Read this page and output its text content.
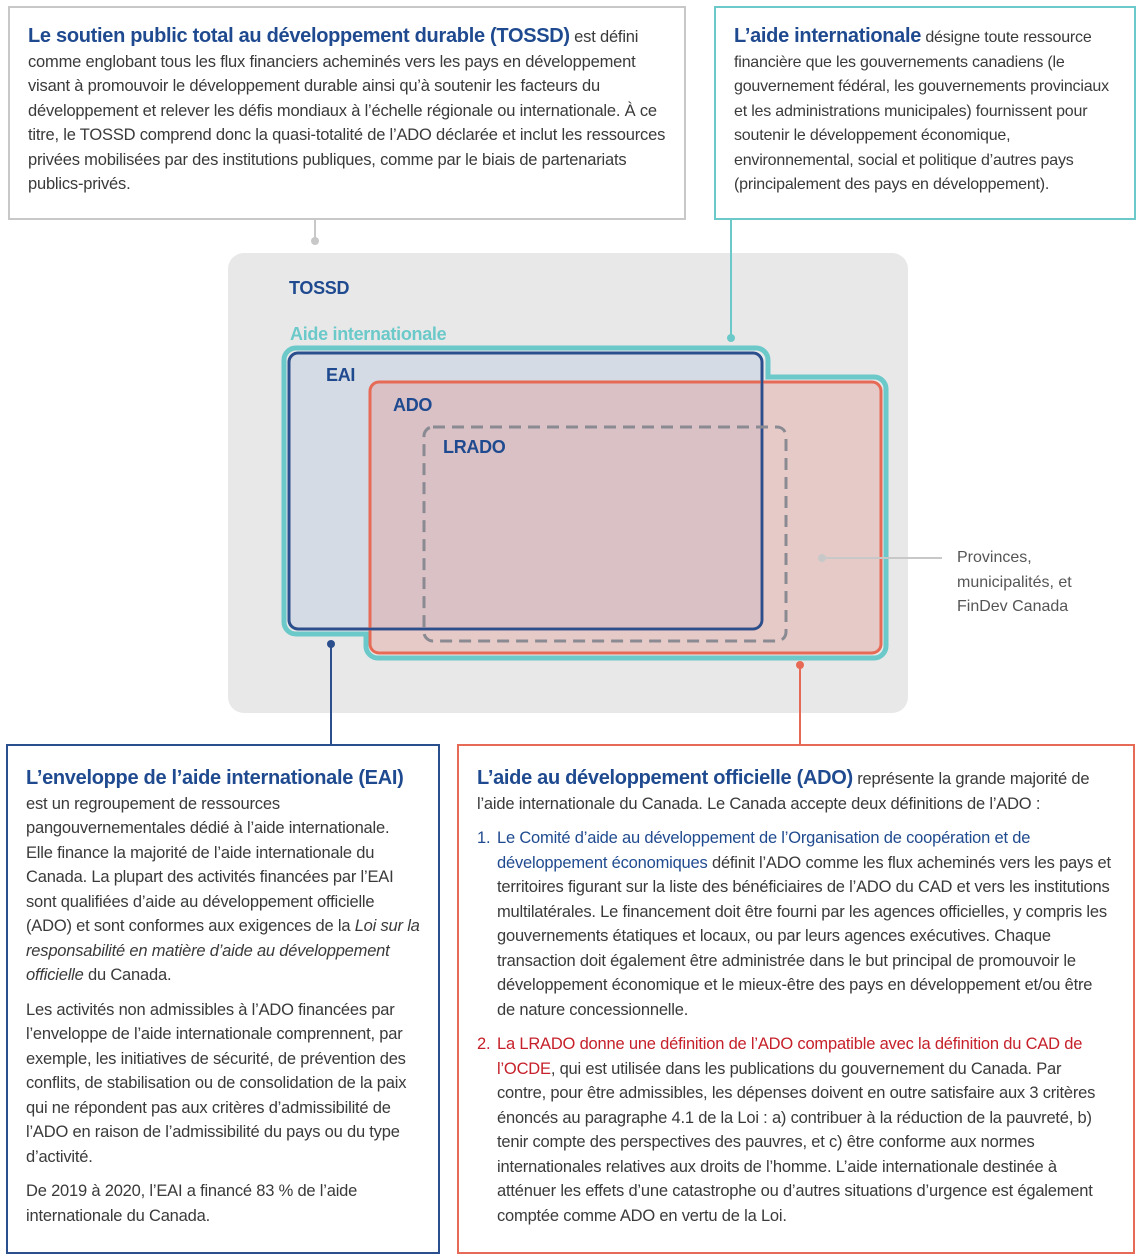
TOSSD
Aide internationale
EAI
ADO
LRADO
Provinces,
municipalités, et
FinDev Canada

Le soutien public total au développement durable (TOSSD) est défini comme englobant tous les flux financiers acheminés vers les pays en développement visant à promouvoir le développement durable ainsi qu’à soutenir les facteurs du développement et relever les défis mondiaux à l’échelle régionale ou internationale. À ce titre, le TOSSD comprend donc la quasi-totalité de l’ADO déclarée et inclut les ressources privées mobilisées par des institutions publiques, comme par le biais de partenariats publics-privés.

L’aide internationale désigne toute ressource financière que les gouvernements canadiens (le gouvernement fédéral, les gouvernements provinciaux et les administrations municipales) fournissent pour soutenir le développement économique, environnemental, social et politique d’autres pays (principalement des pays en développement).

L’enveloppe de l’aide internationale (EAI)

est un regroupement de ressources pangouvernementales dédié à l’aide internationale. Elle finance la majorité de l’aide internationale du Canada. La plupart des activités financées par l’EAI sont qualifiées d’aide au développement officielle (ADO) et sont conformes aux exigences de la Loi sur la responsabilité en matière d’aide au développement officielle du Canada.

Les activités non admissibles à l’ADO financées par l’enveloppe de l’aide internationale comprennent, par exemple, les initiatives de sécurité, de prévention des conflits, de stabilisation ou de consolidation de la paix qui ne répondent pas aux critères d’admissibilité de l’ADO en raison de l’admissibilité du pays ou du type d’activité.

De 2019 à 2020, l’EAI a financé 83 % de l’aide internationale du Canada.

L’aide au développement officielle (ADO) représente la grande majorité de l’aide internationale du Canada. Le Canada accepte deux définitions de l’ADO :

1. Le Comité d’aide au développement de l’Organisation de coopération et de développement économiques définit l’ADO comme les flux acheminés vers les pays et territoires figurant sur la liste des bénéficiaires de l’ADO du CAD et vers les institutions multilatérales. Le financement doit être fourni par les agences officielles, y compris les gouvernements étatiques et locaux, ou par leurs agences exécutives. Chaque transaction doit également être administrée dans le but principal de promouvoir le développement économique et le mieux-être des pays en développement et/ou être de nature concessionnelle.
2. La LRADO donne une définition de l’ADO compatible avec la définition du CAD de l’OCDE, qui est utilisée dans les publications du gouvernement du Canada. Par contre, pour être admissibles, les dépenses doivent en outre satisfaire aux 3 critères énoncés au paragraphe 4.1 de la Loi : a) contribuer à la réduction de la pauvreté, b) tenir compte des perspectives des pauvres, et c) être conforme aux normes internationales relatives aux droits de l’homme. L’aide internationale destinée à atténuer les effets d’une catastrophe ou d’autres situations d’urgence est également comptée comme ADO en vertu de la Loi.
